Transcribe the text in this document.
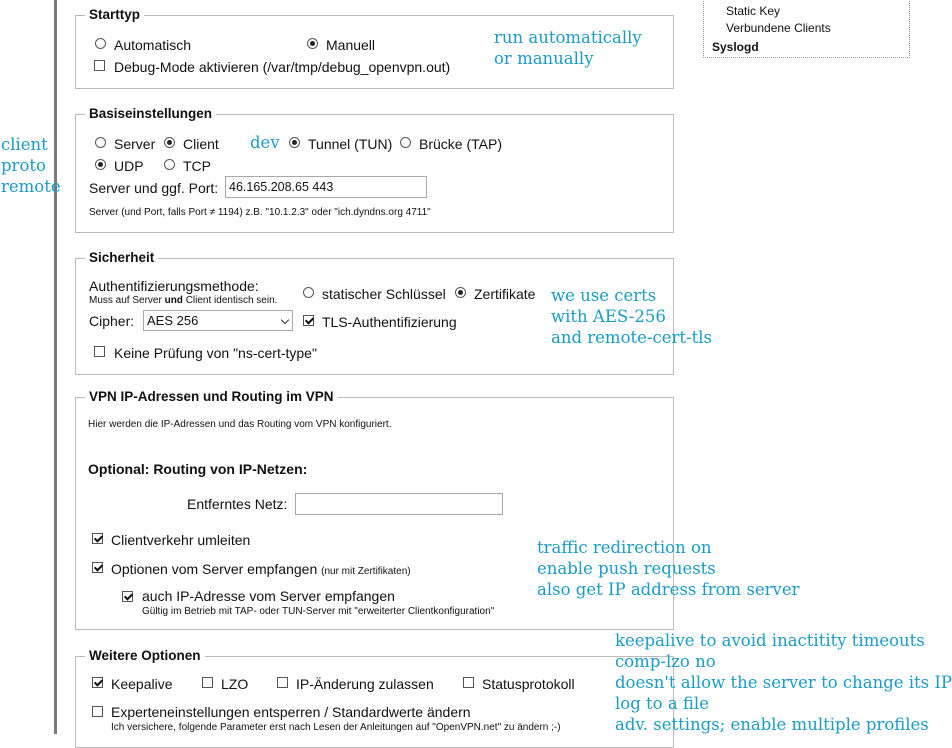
client
proto
remote
Static Key
Verbundene Clients
Syslogd
Starttyp
Automatisch	Manuell
Debug-Mode aktivieren (/var/tmp/debug_openvpn.out)
run automatically
or manually
Basiseinstellungen
Server Client dev Tunnel (TUN) Brücke (TAP)
UDP	TCP
Server und ggf. Port: 46.165.208.65 443
Server (und Port, falls Port ≠ 1194) z.B. "10.1.2.3" oder "ich.dyndns.org 4711"
Sicherheit
Authentifizierungsmethode:
Muss auf Server und Client identisch sein.	statischer Schlüssel Zertifikate
Cipher: AES 256	TLS-Authentifizierung
Keine Prüfung von "ns-cert-type"
we use certs
with AES-256
and remote-cert-tls
VPN IP-Adressen und Routing im VPN
Hier werden die IP-Adressen und das Routing vom VPN konfiguriert.
Optional: Routing von IP-Netzen:
Entferntes Netz:
Clientverkehr umleiten
Optionen vom Server empfangen (nur mit Zertifikaten)
auch IP-Adresse vom Server empfangen
Gültig im Betrieb mit TAP- oder TUN-Server mit "erweiterter Clientkonfiguration"
traffic redirection on
enable push requests
also get IP address from server
Weitere Optionen
Keepalive	LZO	IP-Änderung zulassen	Statusprotokoll
Experteneinstellungen entsperren / Standardwerte ändern
Ich versichere, folgende Parameter erst nach Lesen der Anleitungen auf "OpenVPN.net" zu ändern ;-)
keepalive to avoid inactitity timeouts
comp-lzo no
doesn't allow the server to change its IP
log to a file
adv. settings; enable multiple profiles
